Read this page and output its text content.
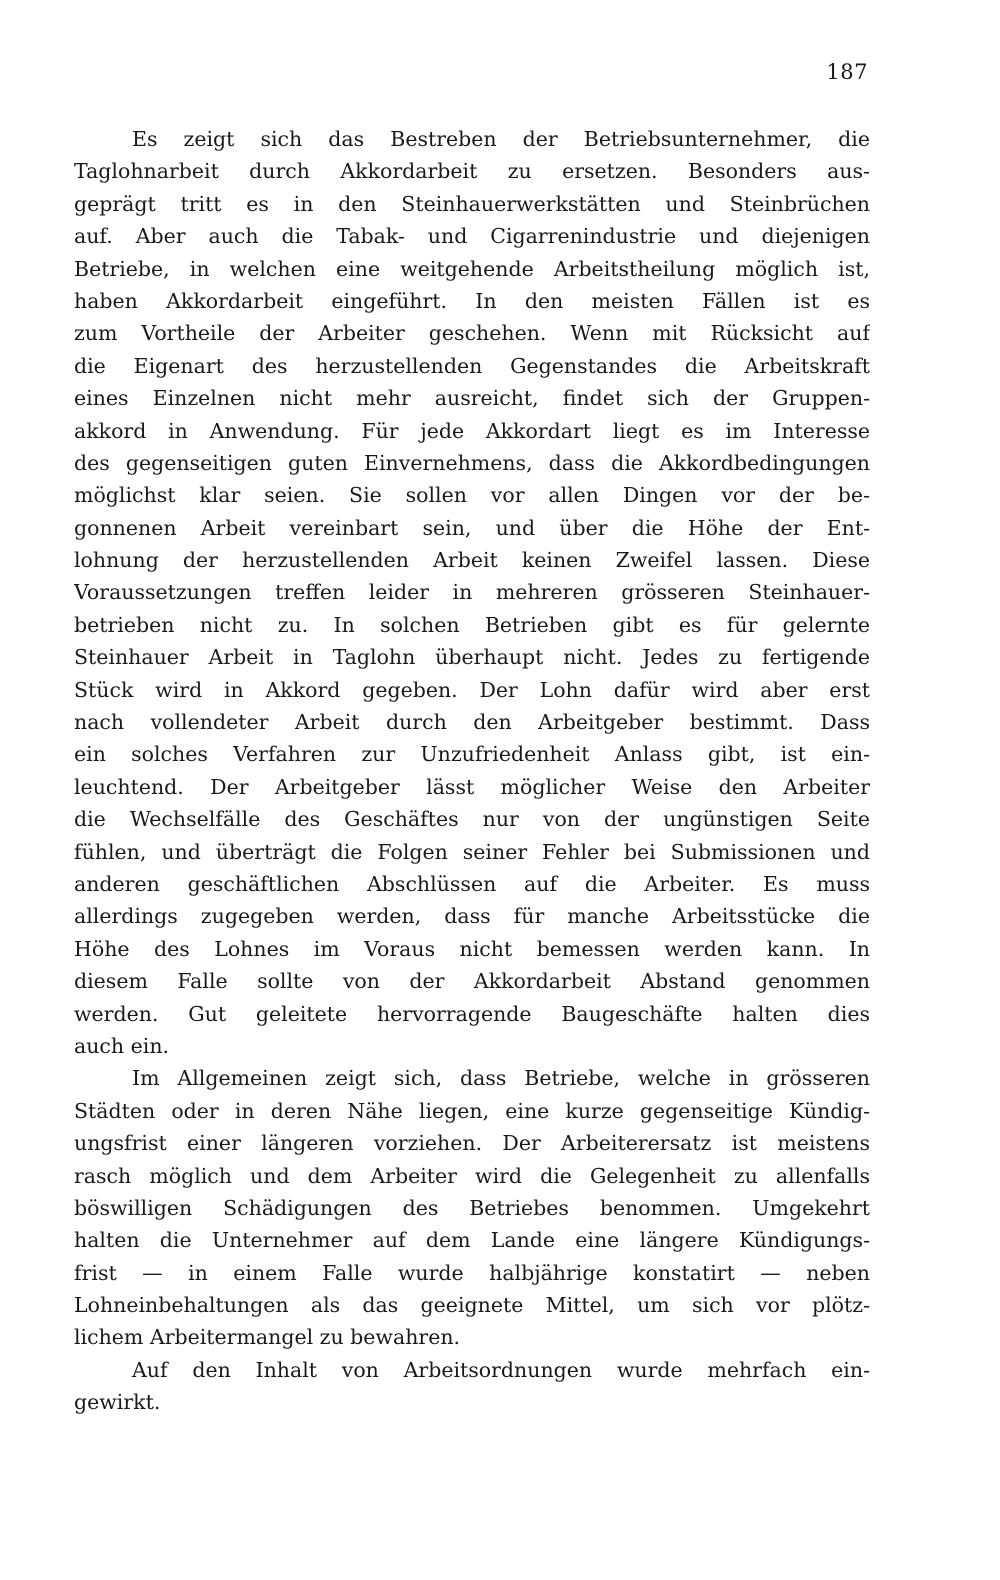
187
Es zeigt sich das Bestreben der Betriebsunternehmer, die
Taglohnarbeit durch Akkordarbeit zu ersetzen. Besonders aus-
geprägt tritt es in den Steinhauerwerkstätten und Steinbrüchen
auf. Aber auch die Tabak- und Cigarrenindustrie und diejenigen
Betriebe, in welchen eine weitgehende Arbeitstheilung möglich ist,
haben Akkordarbeit eingeführt. In den meisten Fällen ist es
zum Vortheile der Arbeiter geschehen. Wenn mit Rücksicht auf
die Eigenart des herzustellenden Gegenstandes die Arbeitskraft
eines Einzelnen nicht mehr ausreicht, findet sich der Gruppen-
akkord in Anwendung. Für jede Akkordart liegt es im Interesse
des gegenseitigen guten Einvernehmens, dass die Akkordbedingungen
möglichst klar seien. Sie sollen vor allen Dingen vor der be-
gonnenen Arbeit vereinbart sein, und über die Höhe der Ent-
lohnung der herzustellenden Arbeit keinen Zweifel lassen. Diese
Voraussetzungen treffen leider in mehreren grösseren Steinhauer-
betrieben nicht zu. In solchen Betrieben gibt es für gelernte
Steinhauer Arbeit in Taglohn überhaupt nicht. Jedes zu fertigende
Stück wird in Akkord gegeben. Der Lohn dafür wird aber erst
nach vollendeter Arbeit durch den Arbeitgeber bestimmt. Dass
ein solches Verfahren zur Unzufriedenheit Anlass gibt, ist ein-
leuchtend. Der Arbeitgeber lässt möglicher Weise den Arbeiter
die Wechselfälle des Geschäftes nur von der ungünstigen Seite
fühlen, und überträgt die Folgen seiner Fehler bei Submissionen und
anderen geschäftlichen Abschlüssen auf die Arbeiter. Es muss
allerdings zugegeben werden, dass für manche Arbeitsstücke die
Höhe des Lohnes im Voraus nicht bemessen werden kann. In
diesem Falle sollte von der Akkordarbeit Abstand genommen
werden. Gut geleitete hervorragende Baugeschäfte halten dies
auch ein.
Im Allgemeinen zeigt sich, dass Betriebe, welche in grösseren
Städten oder in deren Nähe liegen, eine kurze gegenseitige Kündig-
ungsfrist einer längeren vorziehen. Der Arbeiterersatz ist meistens
rasch möglich und dem Arbeiter wird die Gelegenheit zu allenfalls
böswilligen Schädigungen des Betriebes benommen. Umgekehrt
halten die Unternehmer auf dem Lande eine längere Kündigungs-
frist — in einem Falle wurde halbjährige konstatirt — neben
Lohneinbehaltungen als das geeignete Mittel, um sich vor plötz-
lichem Arbeitermangel zu bewahren.
Auf den Inhalt von Arbeitsordnungen wurde mehrfach ein-
gewirkt.
